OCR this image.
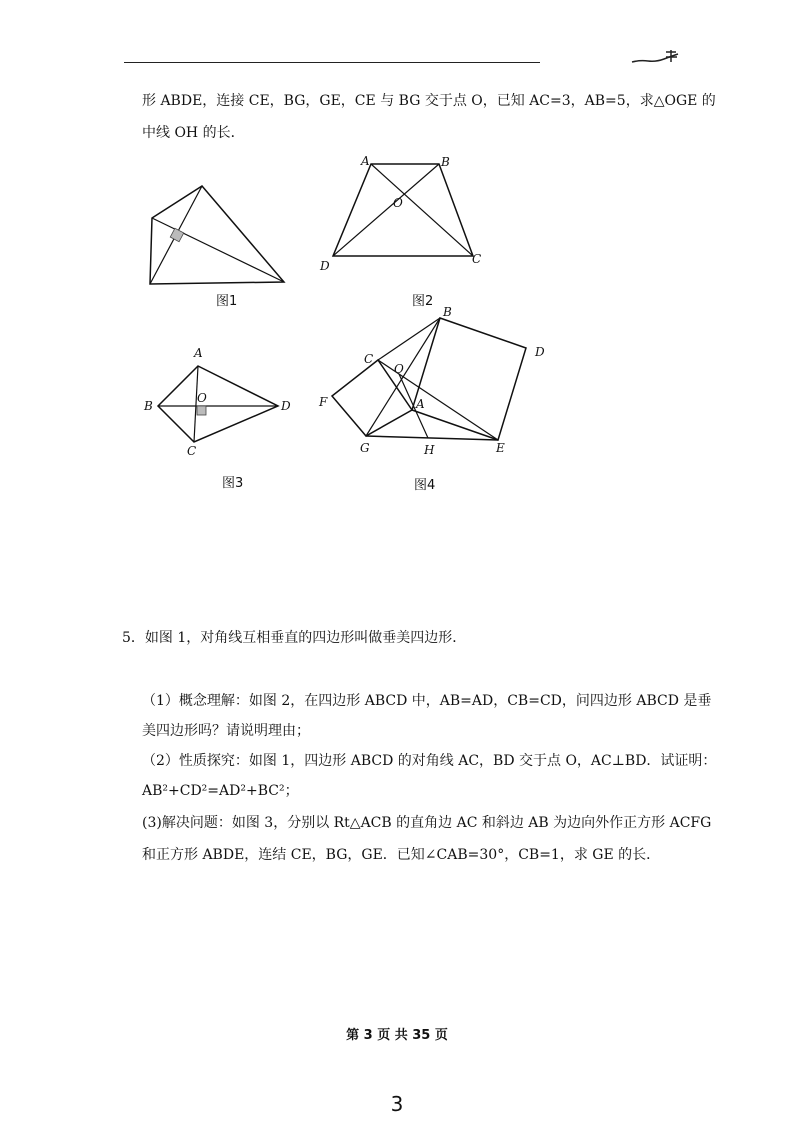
形 ABDE，连接 CE，BG，GE，CE 与 BG 交于点 O，已知 AC=3，AB=5，求△OGE 的
中线 OH 的长．
图1
A	B
O
D	C
图2
A
B
O
D
C
图3
B
C
O
D
F	A
G	H	E
图4
5．如图 1，对角线互相垂直的四边形叫做垂美四边形．
（1）概念理解：如图 2，在四边形 ABCD 中，AB=AD，CB=CD，问四边形 ABCD 是垂
美四边形吗？请说明理由；
（2）性质探究：如图 1，四边形 ABCD 的对角线 AC，BD 交于点 O，AC⊥BD．试证明：
AB²+CD²=AD²+BC²；
(3)解决问题：如图 3，分别以 Rt△ACB 的直角边 AC 和斜边 AB 为边向外作正方形 ACFG
和正方形 ABDE，连结 CE，BG，GE．已知∠CAB=30°，CB=1，求 GE 的长．
第 3 页 共 35 页
3
